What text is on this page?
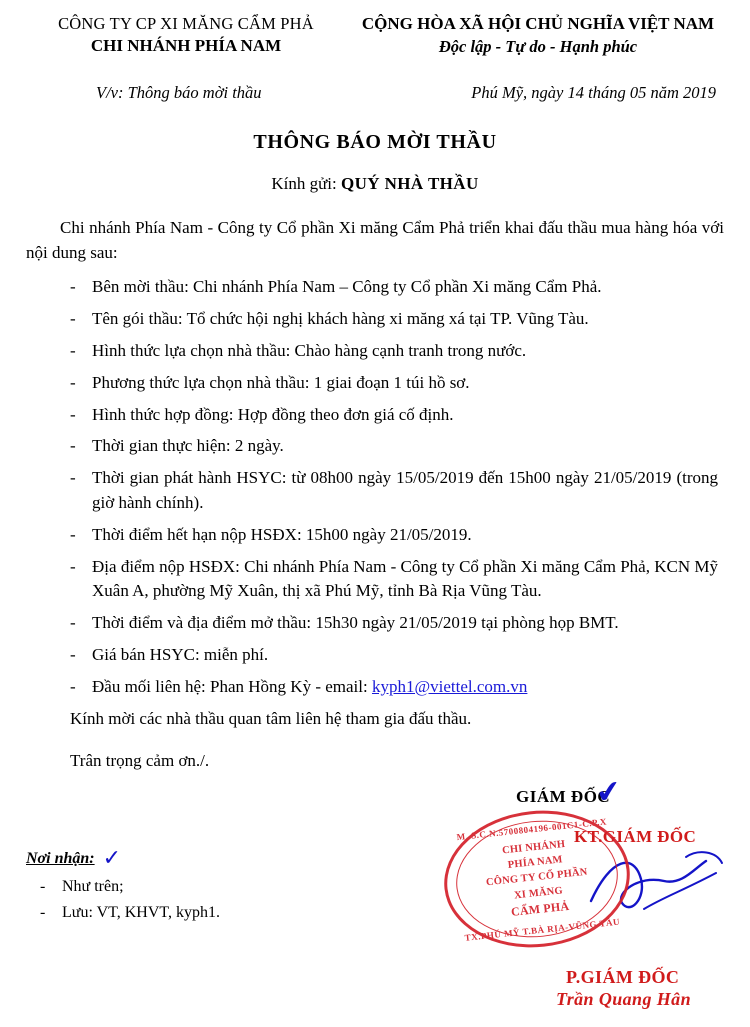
CÔNG TY CP XI MĂNG CẨM PHẢ
CHI NHÁNH PHÍA NAM
CỘNG HÒA XÃ HỘI CHỦ NGHĨA VIỆT NAM
Độc lập - Tự do - Hạnh phúc
V/v: Thông báo mời thầu	Phú Mỹ, ngày 14 tháng 05 năm 2019
THÔNG BÁO MỜI THẦU
Kính gửi: QUÝ NHÀ THẦU
Chi nhánh Phía Nam - Công ty Cổ phần Xi măng Cẩm Phả triển khai đấu thầu mua hàng hóa với nội dung sau:
- Bên mời thầu: Chi nhánh Phía Nam – Công ty Cổ phần Xi măng Cẩm Phả.
- Tên gói thầu: Tổ chức hội nghị khách hàng xi măng xá tại TP. Vũng Tàu.
- Hình thức lựa chọn nhà thầu: Chào hàng cạnh tranh trong nước.
- Phương thức lựa chọn nhà thầu: 1 giai đoạn 1 túi hồ sơ.
- Hình thức hợp đồng: Hợp đồng theo đơn giá cố định.
- Thời gian thực hiện: 2 ngày.
- Thời gian phát hành HSYC: từ 08h00 ngày 15/05/2019 đến 15h00 ngày 21/05/2019 (trong giờ hành chính).
- Thời điểm hết hạn nộp HSĐX: 15h00 ngày 21/05/2019.
- Địa điểm nộp HSĐX: Chi nhánh Phía Nam - Công ty Cổ phần Xi măng Cẩm Phả, KCN Mỹ Xuân A, phường Mỹ Xuân, thị xã Phú Mỹ, tỉnh Bà Rịa Vũng Tàu.
- Thời điểm và địa điểm mở thầu: 15h30 ngày 21/05/2019 tại phòng họp BMT.
- Giá bán HSYC: miễn phí.
- Đầu mối liên hệ: Phan Hồng Kỳ - email: kyph1@viettel.com.vn
Kính mời các nhà thầu quan tâm liên hệ tham gia đấu thầu.
Trân trọng cảm ơn./.
GIÁM ĐỐC
✔
KT.GIÁM ĐỐC
M. S.C.N.5700804196-001C1-C.P.X
CHI NHÁNH
PHÍA NAM
CÔNG TY CỔ PHẦN
XI MĂNG
CẨM PHẢ
TX.PHÚ MỸ T.BÀ RỊA-VŨNG TÀU
P.GIÁM ĐỐC
Trần Quang Hân
Nơi nhận: ✓
- Như trên;
- Lưu: VT, KHVT, kyph1.
